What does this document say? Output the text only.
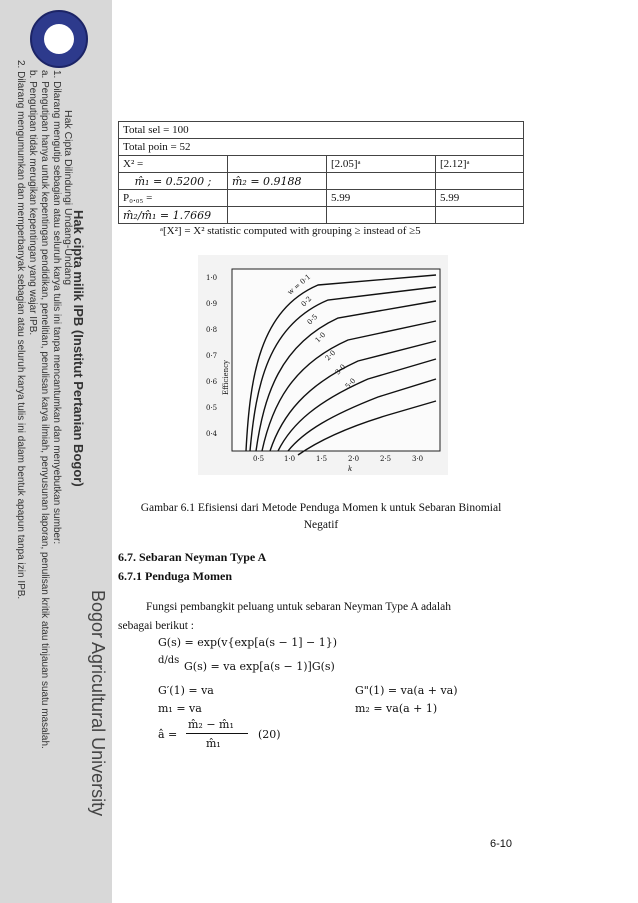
Hak cipta milik IPB (Institut Pertanian Bogor)
Bogor Agricultural University
Hak Cipta Dilindungi Undang-Undang
1. Dilarang mengutip sebagian atau seluruh karya tulis ini tanpa mencantumkan dan menyebutkan sumber:
a. Pengutipan hanya untuk kepentingan pendidikan, penelitian, penulisan karya ilmiah, penyusunan laporan, penulisan kritik atau tinjauan suatu masalah.
b. Pengutipan tidak merugikan kepentingan yang wajar IPB.
2. Dilarang mengumumkan dan memperbanyak sebagian atau seluruh karya tulis ini dalam bentuk apapun tanpa izin IPB.	Total sel = 100			
Total poin = 52			
X² =		[2.05]ᵃ	[2.12]ᵃ
m̂₁ = 0.5200 ;	m̂₂ = 0.9188		
P₀.₀₅ =		5.99	5.99
m̂₂/m̂₁ = 1.7669			
ᵃ[X²] = X² statistic computed with grouping ≥ instead of ≥5
1·0
0·9
0·8
0·7
0·6
0·5
0·4
0·5	1·0	1·5	2·0	2·5	3·0
k
Efficiency
w = 0·1
0·2
0·5
1·0
2·0
3·0
5·0
Gambar 6.1 Efisiensi dari Metode Penduga Momen k untuk Sebaran Binomial
Negatif
6.7. Sebaran Neyman Type A
6.7.1 Penduga Momen
Fungsi pembangkit peluang untuk sebaran Neyman Type A adalah
sebagai berikut :
G(s) = exp(v{exp[a(s − 1] − 1})
d/ds G(s) = va exp[a(s − 1)]G(s)
G′(1) = va	G"(1) = va(a + va)
m₁ = va	m₂ = va(a + 1)
â =
m̂₂ − m̂₁
m̂₁
(20)
6-10
